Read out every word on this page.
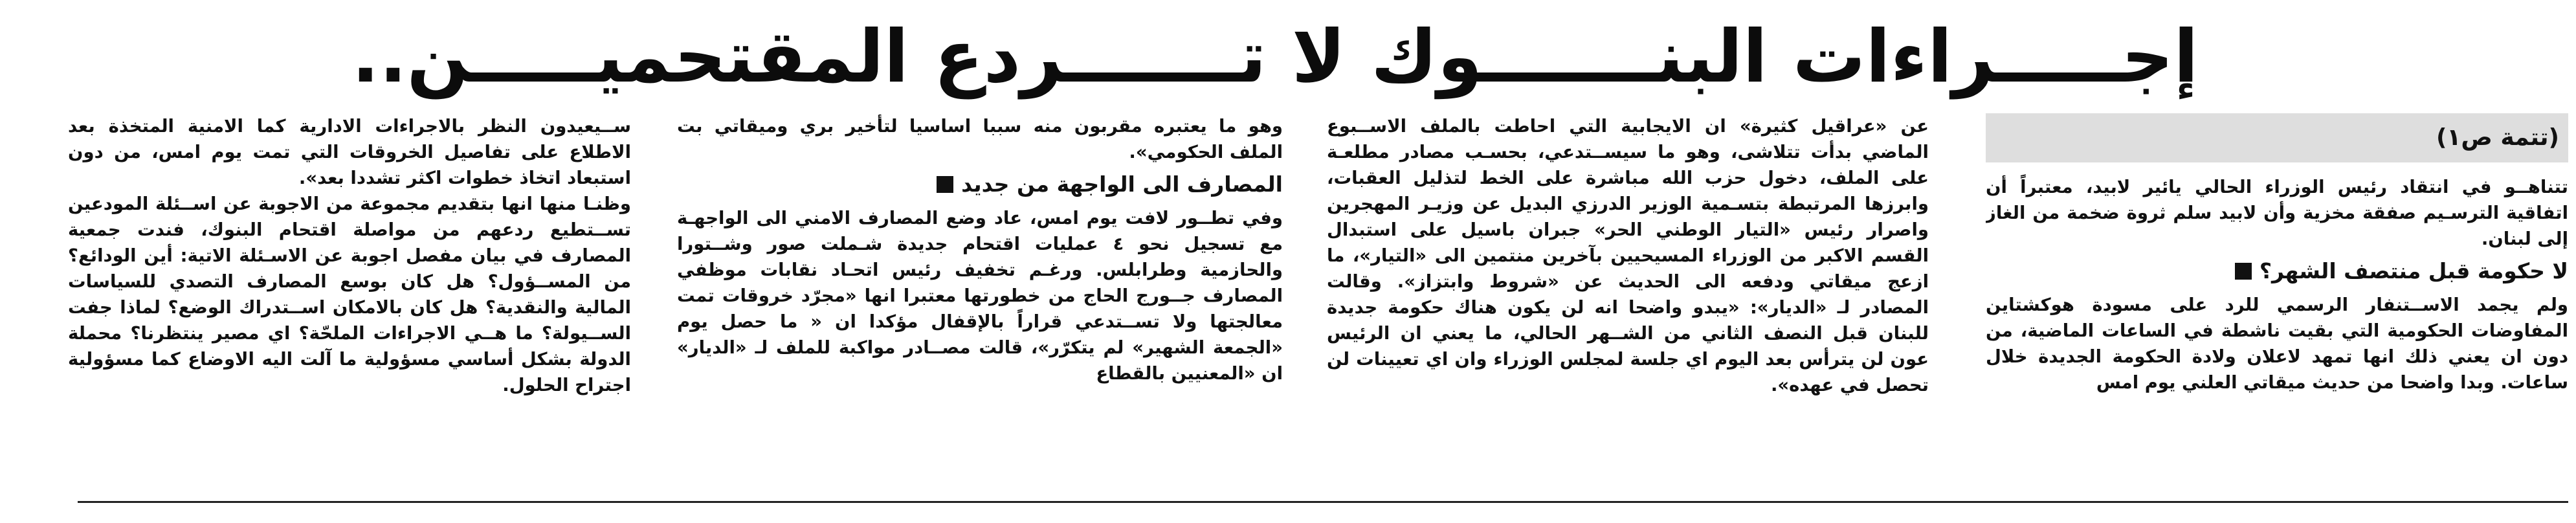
إجـــــراءات البنـــــــوك لا تـــــــردع المقتحميـــــن..
(تتمة ص١)

تتناهــو في انتقاد رئيس الوزراء الحالي يائير لابيد، معتبراً أن اتفاقية الترسـيم صفقة مخزية وأن لابيد سلم ثروة ضخمة من الغاز إلى لبنان.

لا حكومة قبل منتصف الشهر؟

ولم يجمد الاســتنفار الرسمي للرد على مسودة هوكشتاين المفاوضات الحكومية التي بقيت ناشطة في الساعات الماضية، من دون ان يعني ذلك انها تمهد لاعلان ولادة الحكومة الجديدة خلال ساعات. وبدا واضحا من حديث ميقاتي العلني يوم امس

عن «عراقيل كثيرة» ان الايجابية التي احاطت بالملف الاســبوع الماضي بدأت تتلاشى، وهو ما سيســتدعي، بحسـب مصادر مطلعـة على الملف، دخول حزب الله مباشرة على الخط لتذليل العقبات، وابرزها المرتبطة بتسـمية الوزير الدرزي البديل عن وزيـر المهجرين واصرار رئيس «التيار الوطني الحر» جبران باسيل على استبدال القسم الاكبر من الوزراء المسيحيين بآخرين منتمين الى «التيار»، ما ازعج ميقاتي ودفعه الى الحديث عن «شروط وابتزاز». وقالت المصادر لـ «الديار»: «يبدو واضحا انه لن يكون هناك حكومة جديدة للبنان قبل النصف الثاني من الشــهر الحالي، ما يعني ان الرئيس عون لن يترأس بعد اليوم اي جلسة لمجلس الوزراء وان اي تعيينات لن تحصل في عهده».

وهو ما يعتبره مقربون منه سببا اساسيا لتأخير بري وميقاتي بت الملف الحكومي».

المصارف الى الواجهة من جديد

وفي تطــور لافت يوم امس، عاد وضع المصارف الامني الى الواجهـة مع تسجيل نحو ٤ عمليات اقتحام جديدة شـملت صور وشــتورا والحازمية وطرابلس. ورغـم تخفيف رئيس اتحـاد نقابات موظفي المصارف جــورج الحاج من خطورتها معتبرا انها «مجرّد خروقات تمت معالجتها ولا تســتدعي قراراً بالإقفال مؤكدا ان « ما حصل يوم «الجمعة الشهير» لم يتكرّر»، قالت مصــادر مواكبة للملف لـ «الديار» ان «المعنيين بالقطاع

ســيعيدون النظر بالاجراءات الادارية كما الامنية المتخذة بعد الاطلاع على تفاصيل الخروقات التي تمت يوم امس، من دون استبعاد اتخاذ خطوات اكثر تشددا بعد».

وظنـا منها انها بتقديم مجموعة من الاجوبة عن اســئلة المودعين تســتطيع ردعهم من مواصلة اقتحام البنوك، فندت جمعية المصارف في بيان مفصل اجوبة عن الاسـئلة الاتية: أين الودائع؟ من المســؤول؟ هل كان بوسع المصارف التصدي للسياسات المالية والنقدية؟ هل كان بالامكان اســتدراك الوضع؟ لماذا جفت الســيولة؟ ما هــي الاجراءات الملحّة؟ اي مصير ينتظرنا؟ محملة الدولة بشكل أساسي مسؤولية ما آلت اليه الاوضاع كما مسؤولية اجتراح الحلول.
